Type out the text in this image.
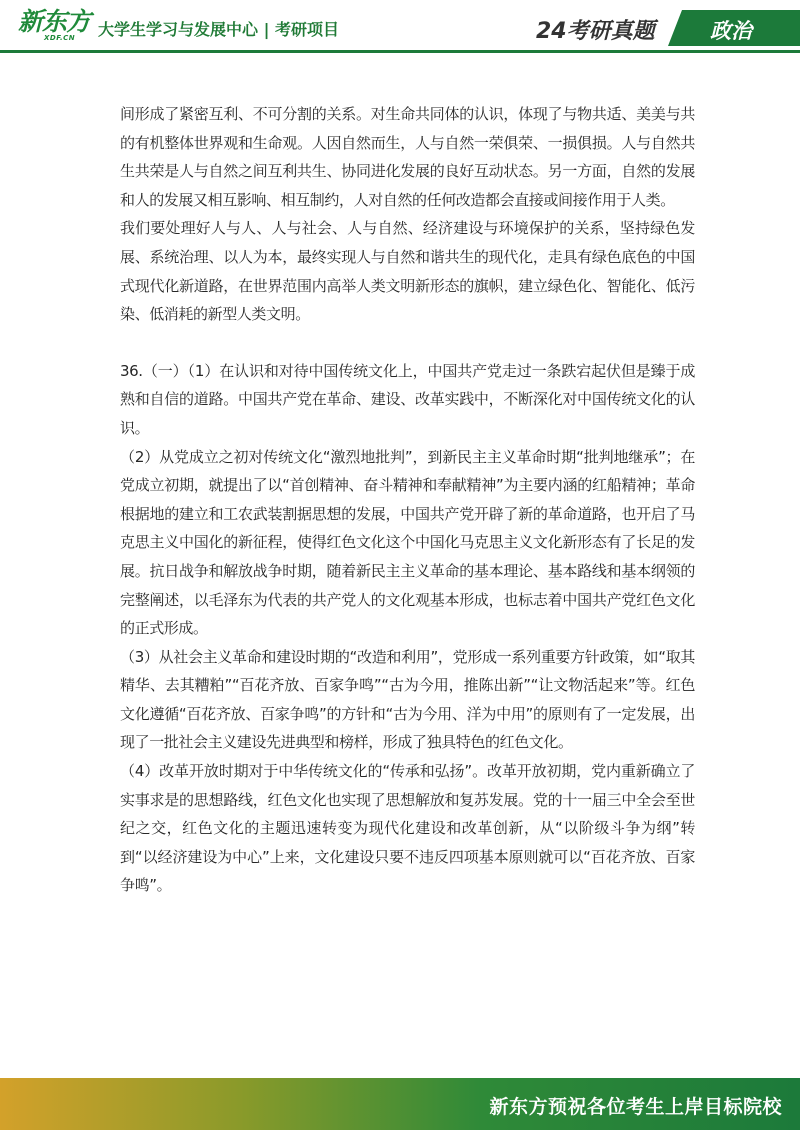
新东方
XDF.CN	大学生学习与发展中心 | 考研项目	24考研真题	政治

间形成了紧密互利、不可分割的关系。对生命共同体的认识，体现了与物共适、美美与共的有机整体世界观和生命观。人因自然而生，人与自然一荣俱荣、一损俱损。人与自然共生共荣是人与自然之间互利共生、协同进化发展的良好互动状态。另一方面，自然的发展和人的发展又相互影响、相互制约，人对自然的任何改造都会直接或间接作用于人类。

我们要处理好人与人、人与社会、人与自然、经济建设与环境保护的关系，坚持绿色发展、系统治理、以人为本，最终实现人与自然和谐共生的现代化，走具有绿色底色的中国式现代化新道路，在世界范围内高举人类文明新形态的旗帜，建立绿色化、智能化、低污染、低消耗的新型人类文明。

36.（一）（1）在认识和对待中国传统文化上，中国共产党走过一条跌宕起伏但是臻于成熟和自信的道路。中国共产党在革命、建设、改革实践中，不断深化对中国传统文化的认识。

（2）从党成立之初对传统文化“激烈地批判”，到新民主主义革命时期“批判地继承”；在党成立初期，就提出了以“首创精神、奋斗精神和奉献精神”为主要内涵的红船精神；革命根据地的建立和工农武装割据思想的发展，中国共产党开辟了新的革命道路，也开启了马克思主义中国化的新征程，使得红色文化这个中国化马克思主义文化新形态有了长足的发展。抗日战争和解放战争时期，随着新民主主义革命的基本理论、基本路线和基本纲领的完整阐述，以毛泽东为代表的共产党人的文化观基本形成，也标志着中国共产党红色文化的正式形成。

（3）从社会主义革命和建设时期的“改造和利用”，党形成一系列重要方针政策，如“取其精华、去其糟粕”“百花齐放、百家争鸣”“古为今用，推陈出新”“让文物活起来”等。红色文化遵循“百花齐放、百家争鸣”的方针和“古为今用、洋为中用”的原则有了一定发展，出现了一批社会主义建设先进典型和榜样，形成了独具特色的红色文化。

（4）改革开放时期对于中华传统文化的“传承和弘扬”。改革开放初期，党内重新确立了实事求是的思想路线，红色文化也实现了思想解放和复苏发展。党的十一届三中全会至世纪之交，红色文化的主题迅速转变为现代化建设和改革创新，从“以阶级斗争为纲”转到“以经济建设为中心”上来，文化建设只要不违反四项基本原则就可以“百花齐放、百家争鸣”。

新东方预祝各位考生上岸目标院校
